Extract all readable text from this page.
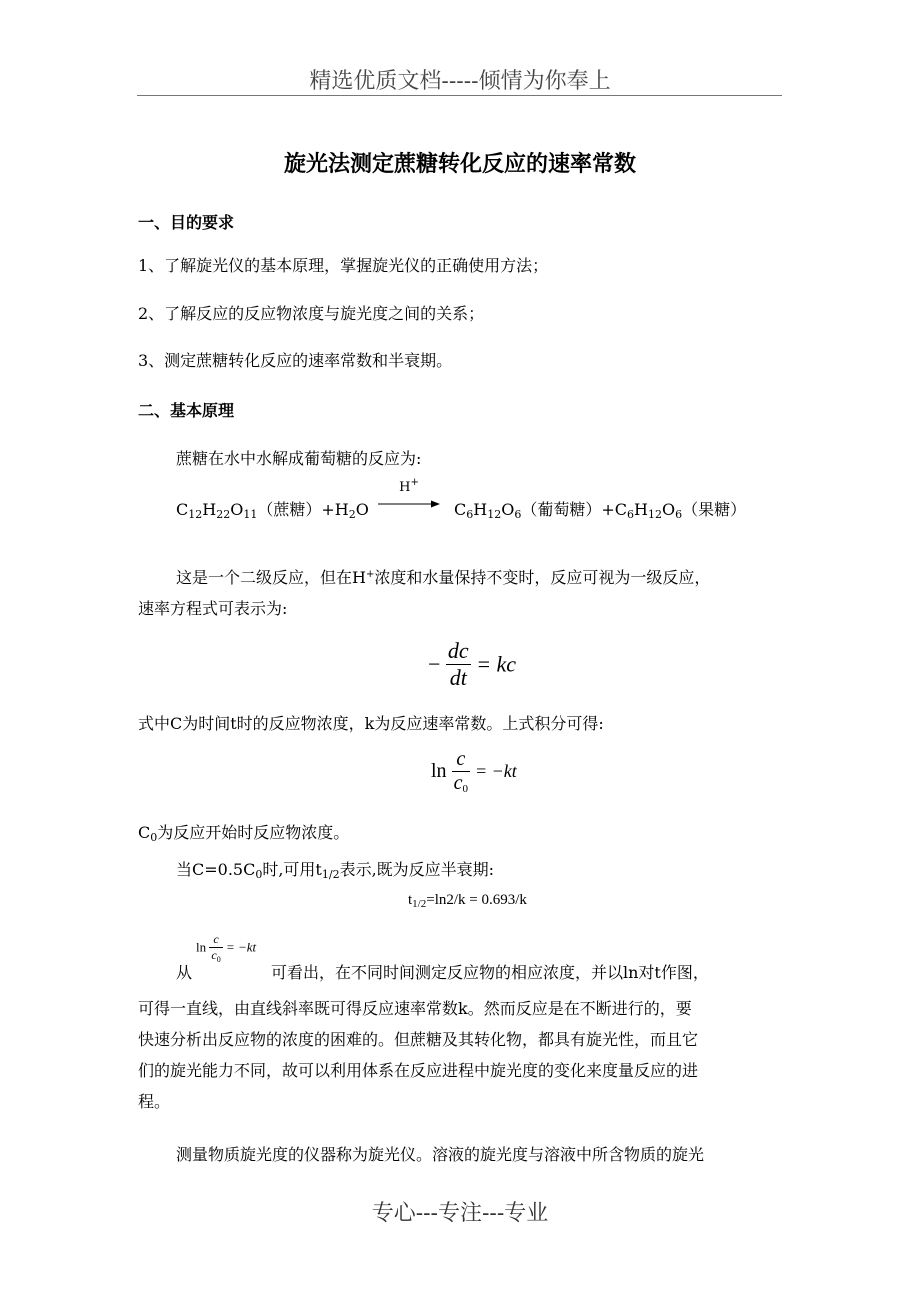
精选优质文档-----倾情为你奉上
旋光法测定蔗糖转化反应的速率常数
一、目的要求
1、了解旋光仪的基本原理，掌握旋光仪的正确使用方法；
2、了解反应的反应物浓度与旋光度之间的关系；
3、测定蔗糖转化反应的速率常数和半衰期。
二、基本原理
蔗糖在水中水解成葡萄糖的反应为:
$C_{12}H_{22}O_{11}$（蔗糖）$+H_2O$
H+
$C_6H_{12}O_6$（葡萄糖）$+C_6H_{12}O_6$（果糖）
这是一个二级反应，但在H+浓度和水量保持不变时，反应可视为一级反应，
速率方程式可表示为:
− $\frac{dc}{dt}$ = kc
式中C为时间t时的反应物浓度，k为反应速率常数。上式积分可得:
$\ln \frac{c}{c_0} = -kt$
$C_0$为反应开始时反应物浓度。
当$C=0.5C_0$时,可用$t_{1/2}$表示,既为反应半衰期:
$t_{1/2}=\ln 2/k = 0.693/k$
$\ln \frac{c}{c_0} = -kt$
从	可看出，在不同时间测定反应物的相应浓度，并以ln对t作图，
可得一直线，由直线斜率既可得反应速率常数k。然而反应是在不断进行的，要
快速分析出反应物的浓度的困难的。但蔗糖及其转化物，都具有旋光性，而且它
们的旋光能力不同，故可以利用体系在反应进程中旋光度的变化来度量反应的进
程。
测量物质旋光度的仪器称为旋光仪。溶液的旋光度与溶液中所含物质的旋光
专心---专注---专业
